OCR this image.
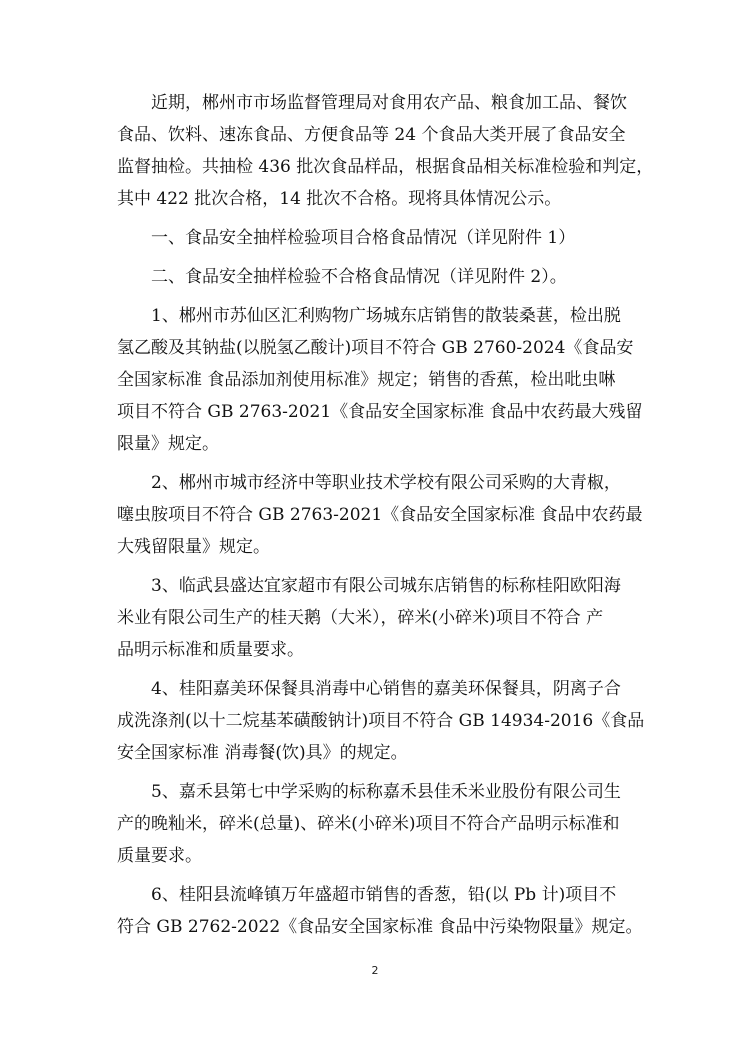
近期，郴州市市场监督管理局对食用农产品、粮食加工品、餐饮
食品、饮料、速冻食品、方便食品等 24 个食品大类开展了食品安全
监督抽检。共抽检 436 批次食品样品，根据食品相关标准检验和判定，
其中 422 批次合格，14 批次不合格。现将具体情况公示。

一、食品安全抽样检验项目合格食品情况（详见附件 1）

二、食品安全抽样检验不合格食品情况（详见附件 2）。

1、郴州市苏仙区汇利购物广场城东店销售的散装桑葚，检出脱
氢乙酸及其钠盐(以脱氢乙酸计)项目不符合 GB 2760-2024《食品安
全国家标准 食品添加剂使用标准》规定；销售的香蕉，检出吡虫啉
项目不符合 GB 2763-2021《食品安全国家标准 食品中农药最大残留
限量》规定。

2、郴州市城市经济中等职业技术学校有限公司采购的大青椒，
噻虫胺项目不符合 GB 2763-2021《食品安全国家标准 食品中农药最
大残留限量》规定。

3、临武县盛达宜家超市有限公司城东店销售的标称桂阳欧阳海
米业有限公司生产的桂天鹅（大米），碎米(小碎米)项目不符合 产
品明示标准和质量要求。

4、桂阳嘉美环保餐具消毒中心销售的嘉美环保餐具，阴离子合
成洗涤剂(以十二烷基苯磺酸钠计)项目不符合 GB 14934-2016《食品
安全国家标准 消毒餐(饮)具》的规定。

5、嘉禾县第七中学采购的标称嘉禾县佳禾米业股份有限公司生
产的晚籼米，碎米(总量)、碎米(小碎米)项目不符合产品明示标准和
质量要求。

6、桂阳县流峰镇万年盛超市销售的香葱，铅(以 Pb 计)项目不
符合 GB 2762-2022《食品安全国家标准 食品中污染物限量》规定。

2
